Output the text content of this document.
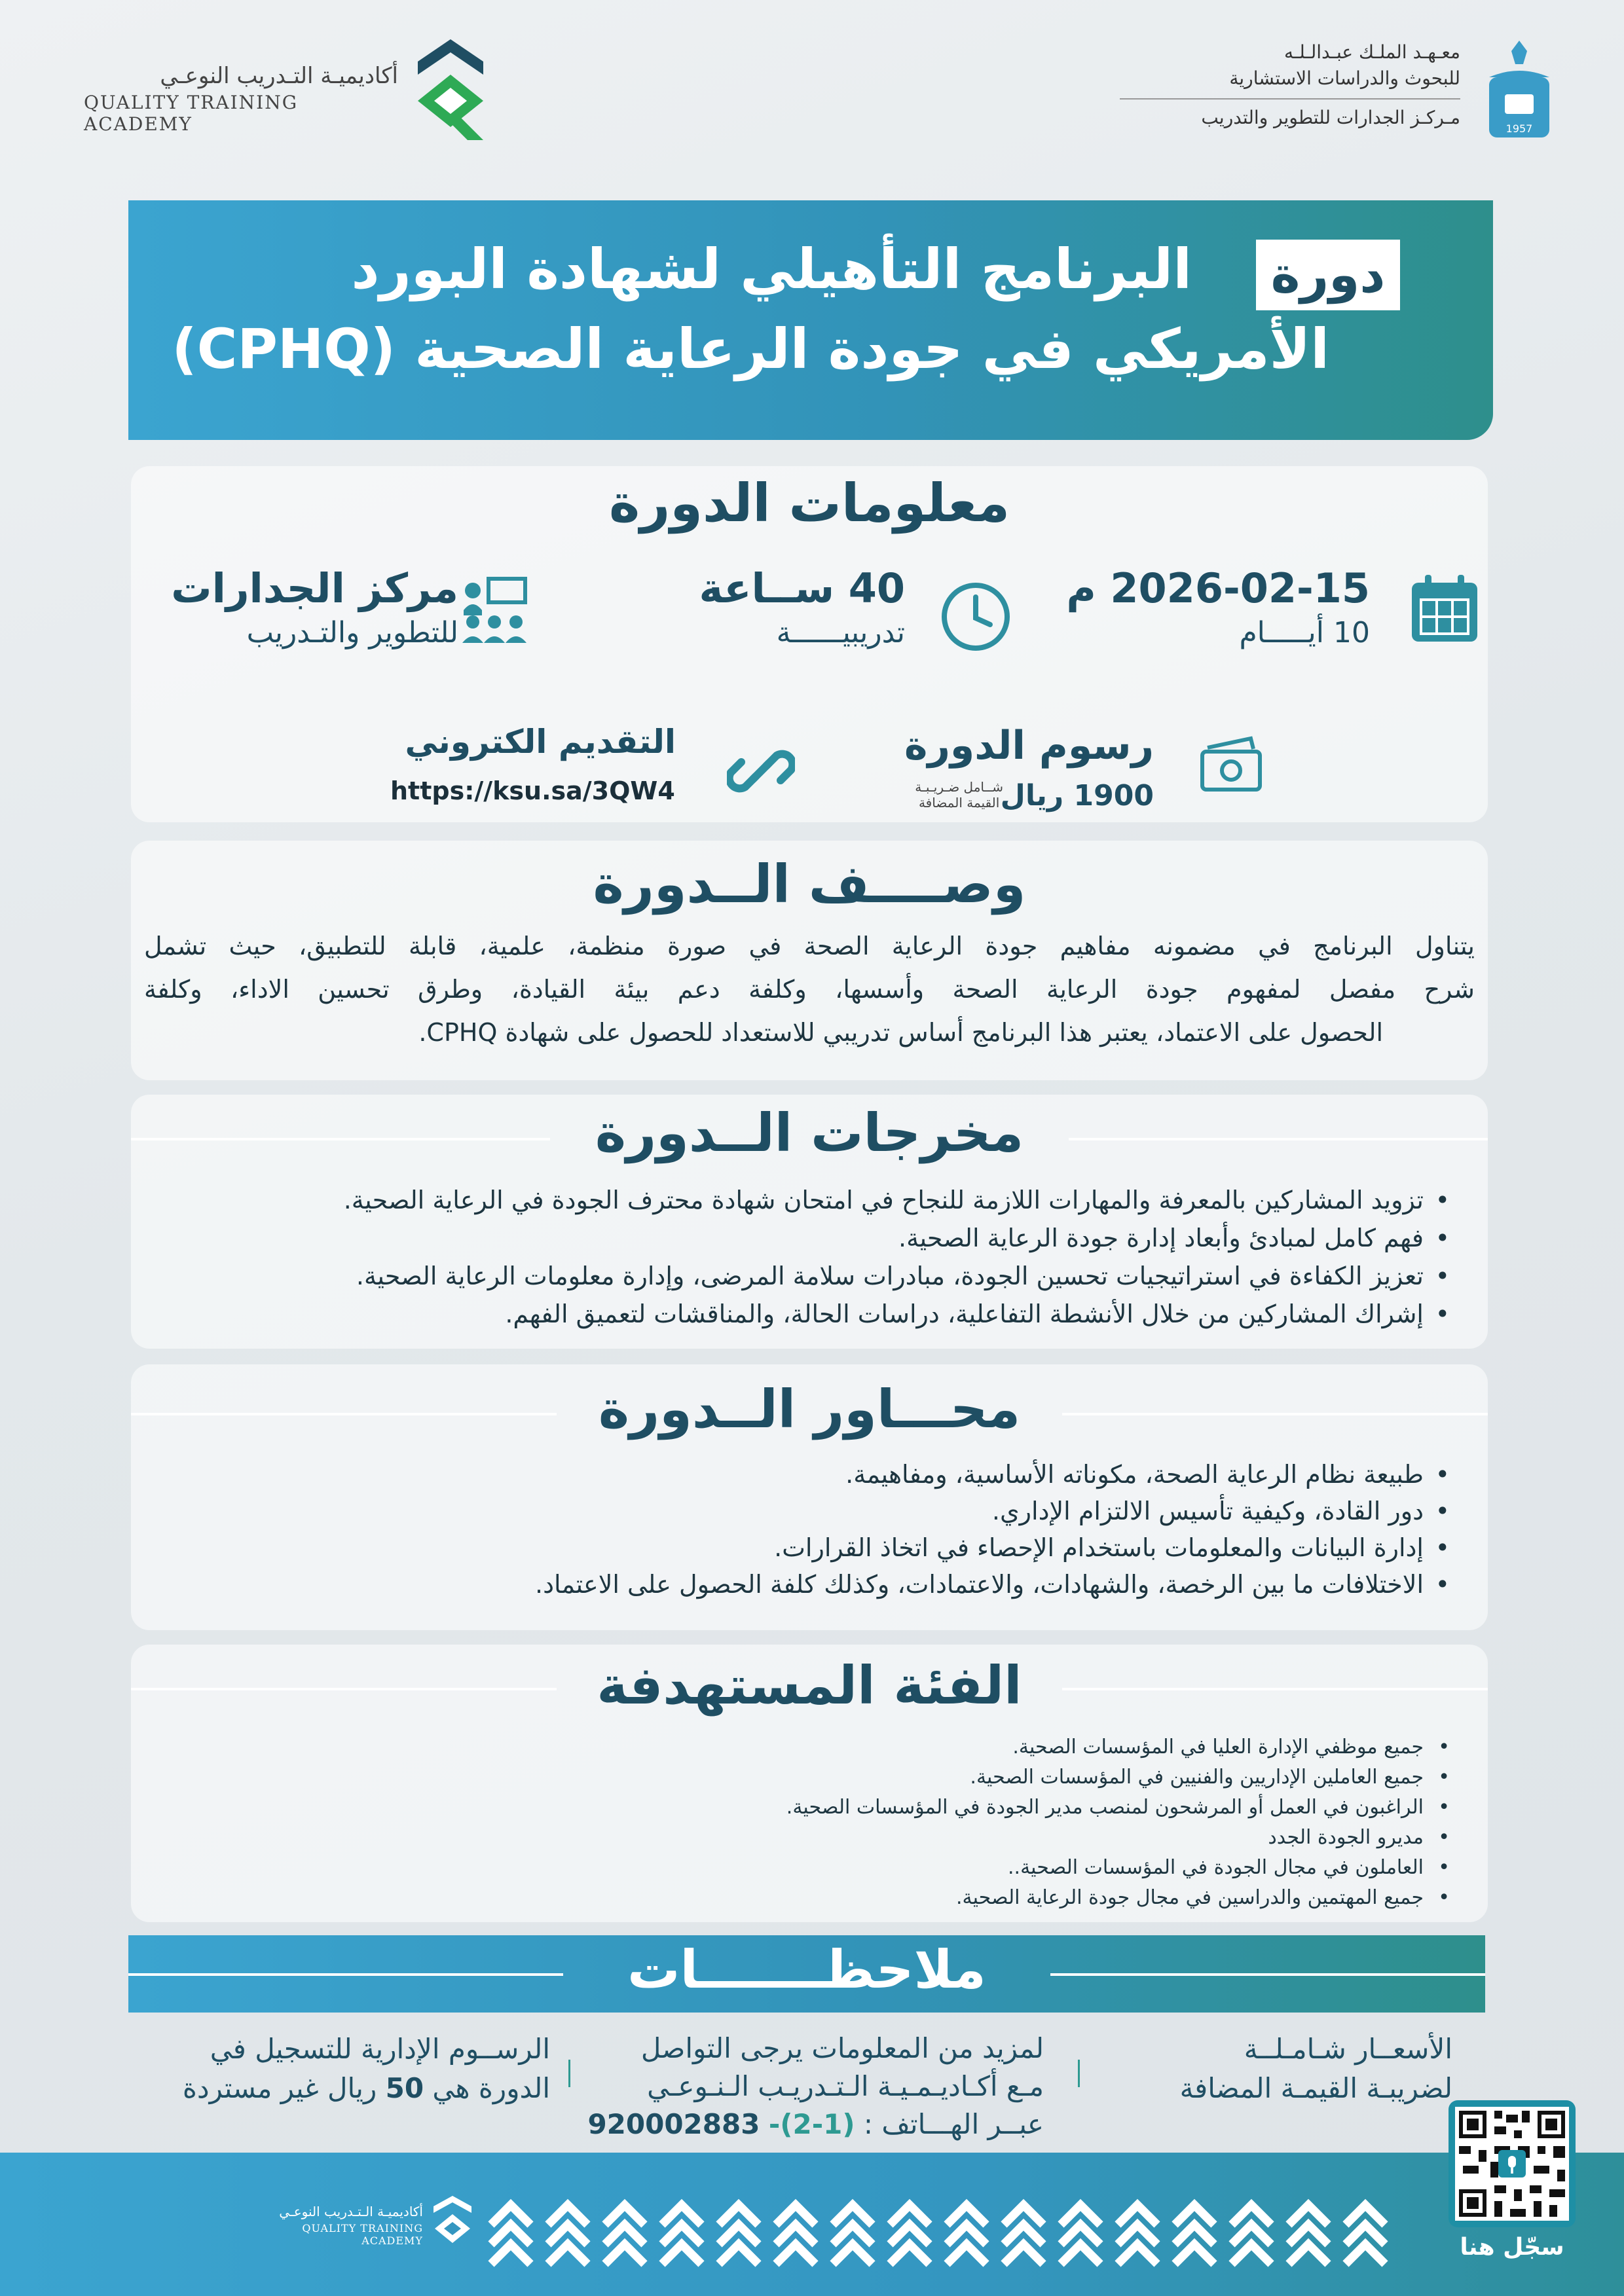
1957
معـهـد الملـك عبـدالـلـه
للبحوث والدراسات الاستشارية
مـركـز الجدارات للتطوير والتدريب
أكاديميـة التـدريب النوعـي
QUALITY TRAINING ACADEMY
دورة
البرنامج التأهيلي لشهادة البورد
الأمريكي في جودة الرعاية الصحية (CPHQ)
معلومات الدورة
2026-02-15 م
10 أيـــــام
40 ســاعة
تدريبيــــــة
مركز الجدارات
للتطوير والتـدريب
رسوم الدورة
1900 ريال
شــامل ضـريـبـة
القيمة المضافة
التقديم الكتروني
https://ksu.sa/3QW4
وصــــف الــدورة
يتناول البرنامج في مضمونه مفاهيم جودة الرعاية الصحة في صورة منظمة، علمية، قابلة للتطبيق، حيث تشمل
شرح مفصل لمفهوم جودة الرعاية الصحة وأسسها، وكلفة دعم بيئة القيادة، وطرق تحسين الاداء، وكلفة
الحصول على الاعتماد، يعتبر هذا البرنامج أساس تدريبي للاستعداد للحصول على شهادة CPHQ.
مخرجات الــدورة
• تزويد المشاركين بالمعرفة والمهارات اللازمة للنجاح في امتحان شهادة محترف الجودة في الرعاية الصحية.
• فهم كامل لمبادئ وأبعاد إدارة جودة الرعاية الصحية.
• تعزيز الكفاءة في استراتيجيات تحسين الجودة، مبادرات سلامة المرضى، وإدارة معلومات الرعاية الصحية.
• إشراك المشاركين من خلال الأنشطة التفاعلية، دراسات الحالة، والمناقشات لتعميق الفهم.
محـــاور الــدورة
• طبيعة نظام الرعاية الصحة، مكوناته الأساسية، ومفاهيمة.
• دور القادة، وكيفية تأسيس الالتزام الإداري.
• إدارة البيانات والمعلومات باستخدام الإحصاء في اتخاذ القرارات.
• الاختلافات ما بين الرخصة، والشهادات، والاعتمادات، وكذلك كلفة الحصول على الاعتماد.
الفئة المستهدفة
• جميع موظفي الإدارة العليا في المؤسسات الصحية.
• جميع العاملين الإداريين والفنيين في المؤسسات الصحية.
• الراغبون في العمل أو المرشحون لمنصب مدير الجودة في المؤسسات الصحية.
• مديرو الجودة الجدد
• العاملون في مجال الجودة في المؤسسات الصحية..
• جميع المهتمين والدراسين في مجال جودة الرعاية الصحية.
ملاحظـــــــات
الأسعــار شـامـلــة
لضريبـة القيمـة المضافة
لمزيد من المعلومات يرجى التواصل
مـع أكـاديـمـيـة الـتـدريـب الـنـوعـي
عبــر الهـــاتف : (1-2)- 920002883
الرســوم الإدارية للتسجيل في
الدورة هي 50 ريال غير مستردة
أكاديميـة الـتـدريب النوعـي
QUALITY TRAINING ACADEMY	سجّل هنا
